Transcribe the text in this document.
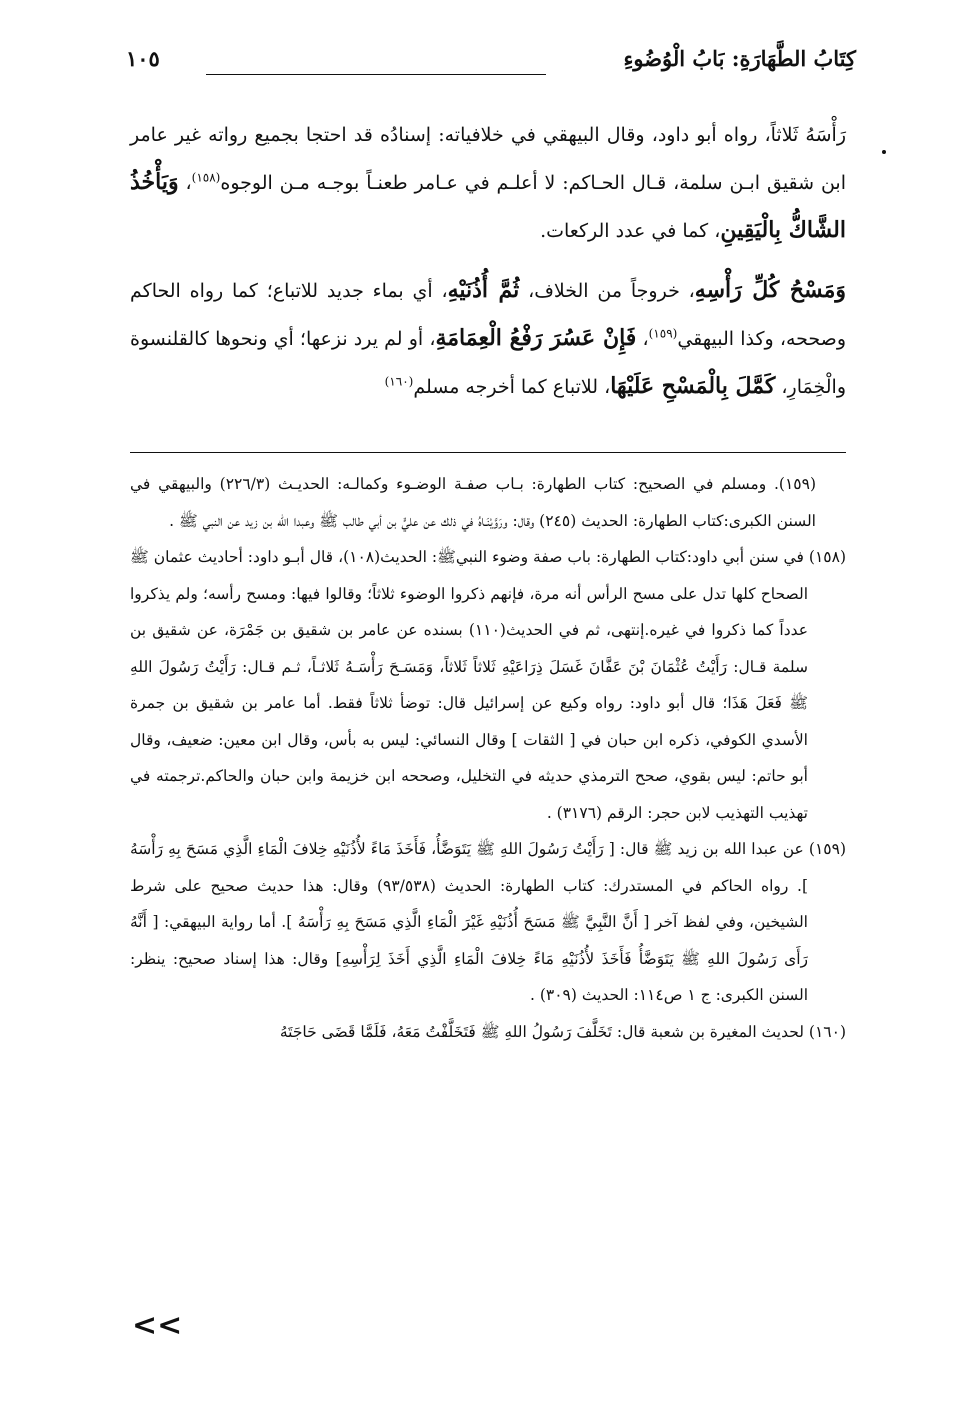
كِتَابُ الطَّهَارَةِ: بَابُ الْوُضُوءِ
١٠٥

رَأْسَهُ ثَلاثاً، رواه أبو داود، وقال البيهقي في خلافياته: إسنادُه قد احتجا بجميع رواته غير عامر ابن شقيق ابـن سلمة، قـال الحـاكم: لا أعلـم في عـامر طعنـاً بوجـه مـن الوجوه$^{(١٥٨)}$، وَيَأْخُذُ الشَّاكُّ بِالْيَقِينِ، كما في عدد الركعات.

وَمَسْحُ كُلِّ رَأْسِهِ، خروجاً من الخلاف، ثُمَّ أُذُنَيْهِ، أي بماء جديد للاتباع؛ كما رواه الحاكم وصححه، وكذا البيهقي$^{(١٥٩)}$، فَإِنْ عَسُرَ رَفْعُ الْعِمَامَةِ، أو لم يرد نزعها؛ أي ونحوها كالقلنسوة والْخِمَارِ، كَمَّلَ بِالْمَسْحِ عَلَيْهَا، للاتباع كما أخرجه مسلم$^{(١٦٠)}$

(١٥٩). ومسلم في الصحيح: كتاب الطهارة: بـاب صفـة الوضـوء وكمالـه: الحديـث (٢٢٦/٣) والبيهقي في السنن الكبرى:كتاب الطهارة: الحديث (٢٤٥) وقال: ورَوَّيْنَـاهُ في ذلك عن عليٍّ بن أبي طالب ﷺ وعبدا الله بن زيد عن النبي ﷺ .

(١٥٨) في سنن أبي داود:كتاب الطهارة: باب صفة وضوء النبيﷺ: الحديث(١٠٨)، قال أبـو داود: أحاديث عثمان ﷺ الصحاح كلها تدل على مسح الرأس أنه مرة، فإنهم ذكروا الوضوء ثلاثاً؛ وقالوا فيها: ومسح رأسه؛ ولم يذكروا عدداً كما ذكروا في غيره.إنتهى، ثم في الحديث(١١٠) بسنده عن عامر بن شقيق بن جَمْرَة، عن شقيق بن سلمة قـال: رَأَيْتُ عُثْمَانَ بْنَ عَفَّانَ غَسَلَ ذِرَاعَيْهِ ثَلاثاً ثَلاثاً، وَمَسَـحَ رَأْسَـهُ ثَلاثـاً، ثـم قـال: رَأَيْتُ رَسُولَ اللهِ ﷺ فَعَلَ هَذَا؛ قال أبو داود: رواه وكيع عن إسرائيل قال: توضأ ثلاثاً فقط. أما عامر بن شقيق بن جمرة الأسدي الكوفي، ذكره ابن حبان في [ الثقات ] وقال النسائي: ليس به بأس، وقال ابن معين: ضعيف، وقال أبو حاتم: ليس بقوي، صحح الترمذي حديثه في التخليل، وصححه ابن خزيمة وابن حبان والحاكم.ترجمته في تهذيب التهذيب لابن حجر: الرقم (٣١٧٦) .

(١٥٩) عن عبدا الله بن زيد ﷺ قال: [ رَأَيْتُ رَسُولَ اللهِ ﷺ يَتَوَضَّأُ، فَأَخَذَ مَاءً لأُذُنَيْهِ خِلافَ الْمَاءِ الَّذِي مَسَحَ بِهِ رَأْسَهُ ]. رواه الحاكم في المستدرك: كتاب الطهارة: الحديث (٩٣/٥٣٨) وقال: هذا حديث صحيح على شرط الشيخين، وفي لفظ آخر [ أَنَّ النَّبِيَّ ﷺ مَسَحَ أُذُنَيْهِ غَيْرَ الْمَاءِ الَّذِي مَسَحَ بِهِ رَأْسَهُ ]. أما رواية البيهقي: [ أَنَّهُ رَأَى رَسُولَ اللهِ ﷺ يَتَوَضَّأُ فَأَخَذَ لأُذُنَيْهِ مَاءً خِلافَ الْمَاءِ الَّذِي أَخَذَ لِرَأْسِهِ] وقال: هذا إسناد صحيح: ينظر: السنن الكبرى: ج ١ ص١١٤: الحديث (٣٠٩) .

(١٦٠) لحديث المغيرة بن شعبة قال: تَخَلَّفَ رَسُولُ اللهِ ﷺ فَتَخَلَّفْتُ مَعَهُ، فَلَمَّا قَضَى حَاجَتَهُ

<<
